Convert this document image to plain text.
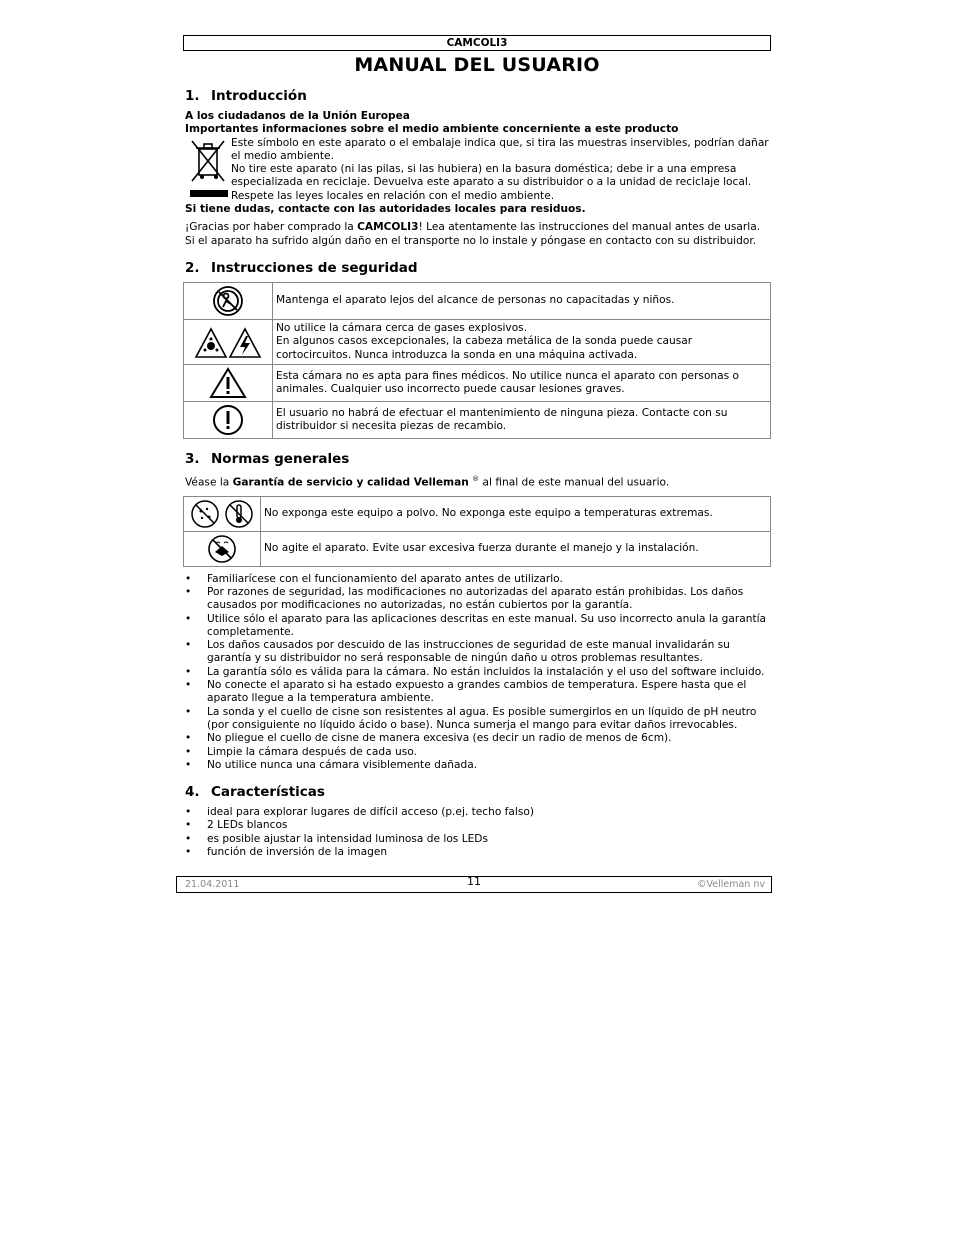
CAMCOLI3
MANUAL DEL USUARIO
1. Introducción

A los ciudadanos de la Unión Europea

Importantes informaciones sobre el medio ambiente concerniente a este producto

Este símbolo en este aparato o el embalaje indica que, si tira las muestras inservibles, podrían dañar el medio ambiente.

No tire este aparato (ni las pilas, si las hubiera) en la basura doméstica; debe ir a una empresa especializada en reciclaje. Devuelva este aparato a su distribuidor o a la unidad de reciclaje local. Respete las leyes locales en relación con el medio ambiente.

Si tiene dudas, contacte con las autoridades locales para residuos.

¡Gracias por haber comprado la CAMCOLI3! Lea atentamente las instrucciones del manual antes de usarla. Si el aparato ha sufrido algún daño en el transporte no lo instale y póngase en contacto con su distribuidor.

2. Instrucciones de seguridad
	Mantenga el aparato lejos del alcance de personas no capacitadas y niños.

	No utilice la cámara cerca de gases explosivos.
En algunos casos excepcionales, la cabeza metálica de la sonda puede causar cortocircuitos. Nunca introduzca la sonda en una máquina activada.

	Esta cámara no es apta para fines médicos. No utilice nunca el aparato con personas o animales. Cualquier uso incorrecto puede causar lesiones graves.

	El usuario no habrá de efectuar el mantenimiento de ninguna pieza. Contacte con su distribuidor si necesita piezas de recambio.
3. Normas generales

Véase la Garantía de servicio y calidad Velleman ® al final de este manual del usuario.

	No exponga este equipo a polvo. No exponga este equipo a temperaturas extremas.

	No agite el aparato. Evite usar excesiva fuerza durante el manejo y la instalación.
• Familiarícese con el funcionamiento del aparato antes de utilizarlo.
• Por razones de seguridad, las modificaciones no autorizadas del aparato están prohibidas. Los daños causados por modificaciones no autorizadas, no están cubiertos por la garantía.
• Utilice sólo el aparato para las aplicaciones descritas en este manual. Su uso incorrecto anula la garantía completamente.
• Los daños causados por descuido de las instrucciones de seguridad de este manual invalidarán su garantía y su distribuidor no será responsable de ningún daño u otros problemas resultantes.
• La garantía sólo es válida para la cámara. No están incluidos la instalación y el uso del software incluido.
• No conecte el aparato si ha estado expuesto a grandes cambios de temperatura. Espere hasta que el aparato llegue a la temperatura ambiente.
• La sonda y el cuello de cisne son resistentes al agua. Es posible sumergirlos en un líquido de pH neutro (por consiguiente no líquido ácido o base). Nunca sumerja el mango para evitar daños irrevocables.
• No pliegue el cuello de cisne de manera excesiva (es decir un radio de menos de 6cm).
• Limpie la cámara después de cada uso.
• No utilice nunca una cámara visiblemente dañada.
4. Características
• ideal para explorar lugares de difícil acceso (p.ej. techo falso)
• 2 LEDs blancos
• es posible ajustar la intensidad luminosa de los LEDs
• función de inversión de la imagen
21.04.2011	11	©Velleman nv
